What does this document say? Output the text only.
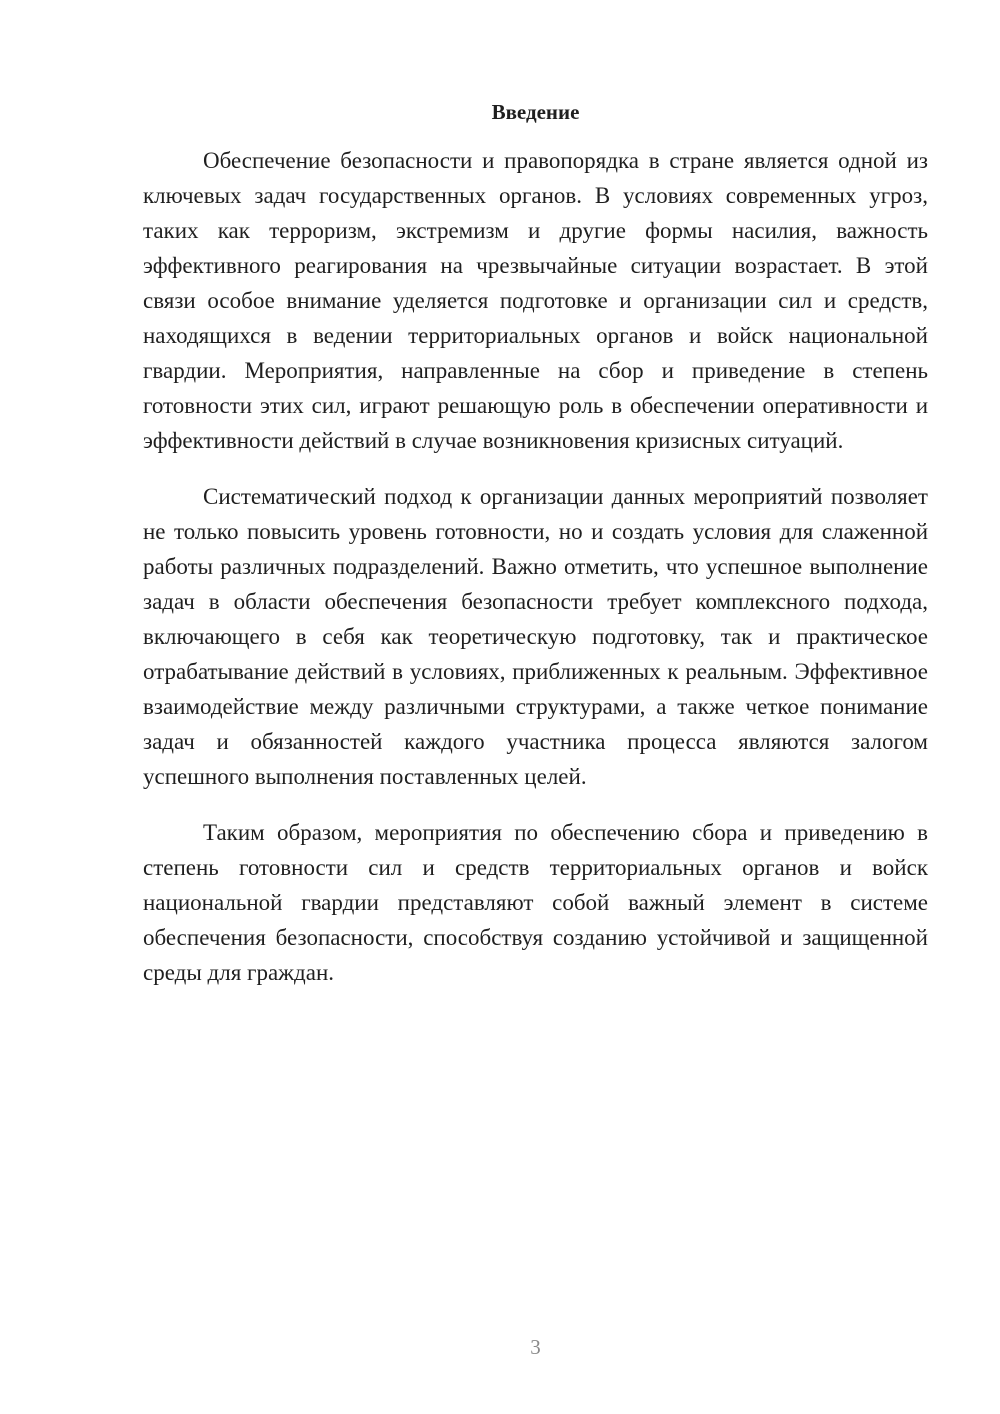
Введение

Обеспечение безопасности и правопорядка в стране является одной из ключевых задач государственных органов. В условиях современных угроз, таких как терроризм, экстремизм и другие формы насилия, важность эффективного реагирования на чрезвычайные ситуации возрастает. В этой связи особое внимание уделяется подготовке и организации сил и средств, находящихся в ведении территориальных органов и войск национальной гвардии. Мероприятия, направленные на сбор и приведение в степень готовности этих сил, играют решающую роль в обеспечении оперативности и эффективности действий в случае возникновения кризисных ситуаций.

Систематический подход к организации данных мероприятий позволяет не только повысить уровень готовности, но и создать условия для слаженной работы различных подразделений. Важно отметить, что успешное выполнение задач в области обеспечения безопасности требует комплексного подхода, включающего в себя как теоретическую подготовку, так и практическое отрабатывание действий в условиях, приближенных к реальным. Эффективное взаимодействие между различными структурами, а также четкое понимание задач и обязанностей каждого участника процесса являются залогом успешного выполнения поставленных целей.

Таким образом, мероприятия по обеспечению сбора и приведению в степень готовности сил и средств территориальных органов и войск национальной гвардии представляют собой важный элемент в системе обеспечения безопасности, способствуя созданию устойчивой и защищенной среды для граждан.

3
